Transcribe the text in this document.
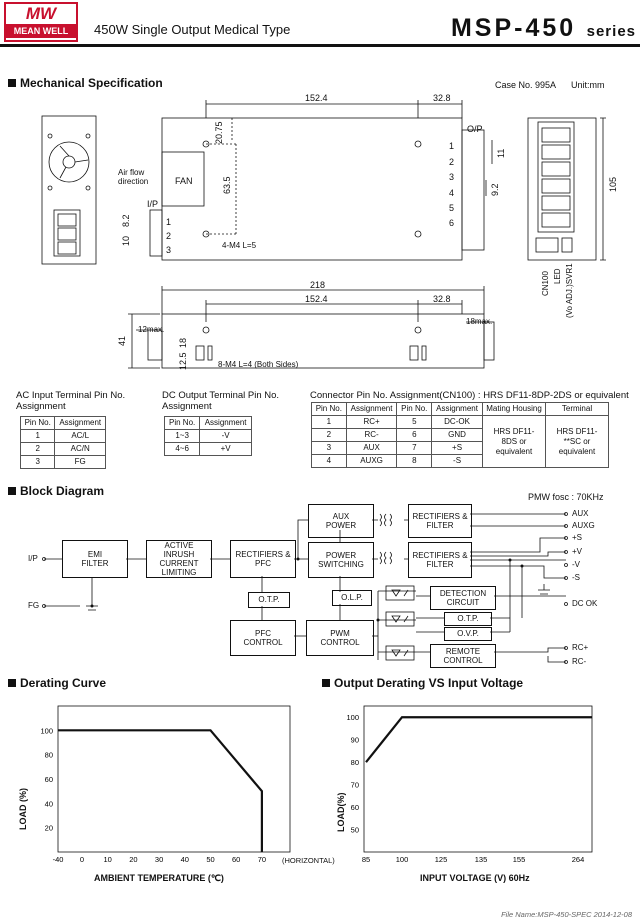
MW
MEAN WELL	450W Single Output Medical Type	MSP-450 series
Mechanical Specification	Case No. 995A Unit:mm
152.4	32.8
20.75
63.5
11
9.2	105
8.2
10
FAN
Air flow direction
I/P
O/P
4-M4 L=5
8-M4 L=4 (Both Sides)
218
152.4	32.8
12max.
18max.
41	18
12.5
CN100 LED (Vo ADJ.)SVR1
1
2
3
1
2
3
4
5
6
AC Input Terminal Pin No. Assignment
Pin No.	Assignment
1	AC/L
2	AC/N
3	FG
DC Output Terminal Pin No. Assignment
Pin No.	Assignment
1~3	-V
4~6	+V
Connector Pin No. Assignment(CN100) : HRS DF11-8DP-2DS or equivalent
Pin No.	Assignment	Pin No.	Assignment	Mating Housing	Terminal
1	RC+	5	DC-OK	HRS DF11-8DS or equivalent	HRS DF11-**SC or equivalent
2	RC-	6	GND		
3	AUX	7	+S		
4	AUXG	8	-S		
Block Diagram	PMW fosc : 70KHz
EMI FILTER
ACTIVE INRUSH CURRENT LIMITING
RECTIFIERS & PFC
O.T.P.
PFC CONTROL
AUX POWER
POWER SWITCHING
O.L.P.
PWM CONTROL
RECTIFIERS & FILTER
RECTIFIERS & FILTER
DETECTION CIRCUIT
O.T.P.
O.V.P.
REMOTE CONTROL
I/P
FG
AUX
AUXG
+S
+V
-V
-S
DC OK
RC+
RC-
Derating Curve	Output Derating VS Input Voltage
20
40
60
80
100
-40 0	10 20 30 40 50 60 70
50
60
70
80
90
100
85	100	125	135	155	264
LOAD (%)
AMBIENT TEMPERATURE (℃)
(HORIZONTAL)
LOAD(%)
INPUT VOLTAGE (V) 60Hz
File Name:MSP-450-SPEC 2014-12-08
